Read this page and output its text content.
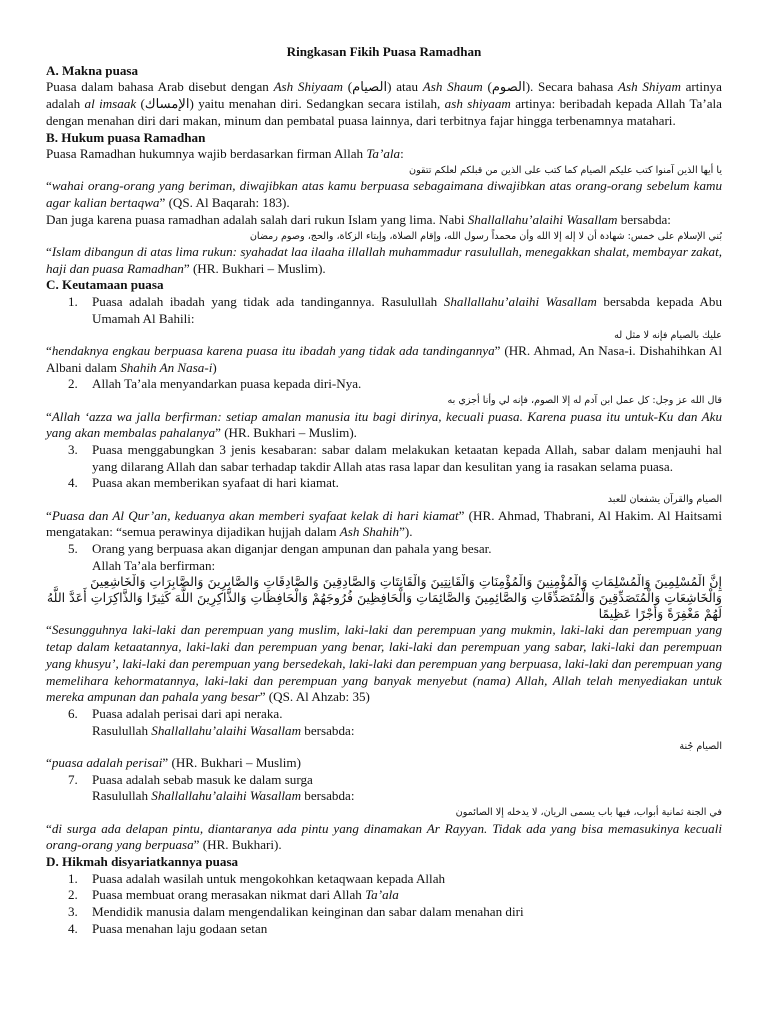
Ringkasan Fikih Puasa Ramadhan
A. Makna puasa
Puasa dalam bahasa Arab disebut dengan Ash Shiyaam (الصيام) atau Ash Shaum (الصوم). Secara bahasa Ash Shiyam artinya adalah al imsaak (الإمساك) yaitu menahan diri. Sedangkan secara istilah, ash shiyaam artinya: beribadah kepada Allah Ta’ala dengan menahan diri dari makan, minum dan pembatal puasa lainnya, dari terbitnya fajar hingga terbenamnya matahari.
B. Hukum puasa Ramadhan
Puasa Ramadhan hukumnya wajib berdasarkan firman Allah Ta’ala:
يا أيها الذين آمنوا كتب عليكم الصيام كما كتب على الذين من قبلكم لعلكم تتقون
“wahai orang-orang yang beriman, diwajibkan atas kamu berpuasa sebagaimana diwajibkan atas orang-orang sebelum kamu agar kalian bertaqwa” (QS. Al Baqarah: 183).
Dan juga karena puasa ramadhan adalah salah dari rukun Islam yang lima. Nabi Shallallahu’alaihi Wasallam bersabda:
بُني الإسلام على خمس: شهادة أن لا إله إلا الله وأن محمداً رسول الله، وإقام الصلاة، وإيتاء الزكاة، والحج، وصوم رمضان
“Islam dibangun di atas lima rukun: syahadat laa ilaaha illallah muhammadur rasulullah, menegakkan shalat, membayar zakat, haji dan puasa Ramadhan” (HR. Bukhari – Muslim).
C. Keutamaan puasa
1. Puasa adalah ibadah yang tidak ada tandingannya. Rasulullah Shallallahu’alaihi Wasallam bersabda kepada Abu Umamah Al Bahili:
عليك بالصيام فإنه لا مثل له
“hendaknya engkau berpuasa karena puasa itu ibadah yang tidak ada tandingannya” (HR. Ahmad, An Nasa-i. Dishahihkan Al Albani dalam Shahih An Nasa-i)
2. Allah Ta’ala menyandarkan puasa kepada diri-Nya.
قال الله عز وجل: كل عمل ابن آدم له إلا الصوم، فإنه لي وأنا أجزي به
“Allah ‘azza wa jalla berfirman: setiap amalan manusia itu bagi dirinya, kecuali puasa. Karena puasa itu untuk-Ku dan Aku yang akan membalas pahalanya” (HR. Bukhari – Muslim).
3. Puasa menggabungkan 3 jenis kesabaran: sabar dalam melakukan ketaatan kepada Allah, sabar dalam menjauhi hal yang dilarang Allah dan sabar terhadap takdir Allah atas rasa lapar dan kesulitan yang ia rasakan selama puasa.
4. Puasa akan memberikan syafaat di hari kiamat.
الصيام والقرآن يشفعان للعبد
“Puasa dan Al Qur’an, keduanya akan memberi syafaat kelak di hari kiamat” (HR. Ahmad, Thabrani, Al Hakim. Al Haitsami mengatakan: “semua perawinya dijadikan hujjah dalam Ash Shahih”).
5. Orang yang berpuasa akan diganjar dengan ampunan dan pahala yang besar.
Allah Ta’ala berfirman:
إِنَّ الْمُسْلِمِينَ وَالْمُسْلِمَاتِ وَالْمُؤْمِنِينَ وَالْمُؤْمِنَاتِ وَالْقَانِتِينَ وَالْقَانِتَاتِ وَالصَّادِقِينَ وَالصَّادِقَاتِ وَالصَّابِرِينَ وَالصَّابِرَاتِ وَالْخَاشِعِينَ وَالْخَاشِعَاتِ وَالْمُتَصَدِّقِينَ وَالْمُتَصَدِّقَاتِ وَالصَّائِمِينَ وَالصَّائِمَاتِ وَالْحَافِظِينَ فُرُوجَهُمْ وَالْحَافِظَاتِ وَالذَّاكِرِينَ اللَّهَ كَثِيرًا وَالذَّاكِرَاتِ أَعَدَّ اللَّهُ لَهُمْ مَغْفِرَةً وَأَجْرًا عَظِيمًا
“Sesungguhnya laki-laki dan perempuan yang muslim, laki-laki dan perempuan yang mukmin, laki-laki dan perempuan yang tetap dalam ketaatannya, laki-laki dan perempuan yang benar, laki-laki dan perempuan yang sabar, laki-laki dan perempuan yang khusyu’, laki-laki dan perempuan yang bersedekah, laki-laki dan perempuan yang berpuasa, laki-laki dan perempuan yang memelihara kehormatannya, laki-laki dan perempuan yang banyak menyebut (nama) Allah, Allah telah menyediakan untuk mereka ampunan dan pahala yang besar” (QS. Al Ahzab: 35)
6. Puasa adalah perisai dari api neraka.
Rasulullah Shallallahu’alaihi Wasallam bersabda:
الصيام جُنة
“puasa adalah perisai” (HR. Bukhari – Muslim)
7. Puasa adalah sebab masuk ke dalam surga
Rasulullah Shallallahu’alaihi Wasallam bersabda:
في الجنة ثمانية أبواب، فيها باب يسمى الريان، لا يدخله إلا الصائمون
“di surga ada delapan pintu, diantaranya ada pintu yang dinamakan Ar Rayyan. Tidak ada yang bisa memasukinya kecuali orang-orang yang berpuasa” (HR. Bukhari).
D. Hikmah disyariatkannya puasa
1. Puasa adalah wasilah untuk mengokohkan ketaqwaan kepada Allah
2. Puasa membuat orang merasakan nikmat dari Allah Ta’ala
3. Mendidik manusia dalam mengendalikan keinginan dan sabar dalam menahan diri
4. Puasa menahan laju godaan setan
